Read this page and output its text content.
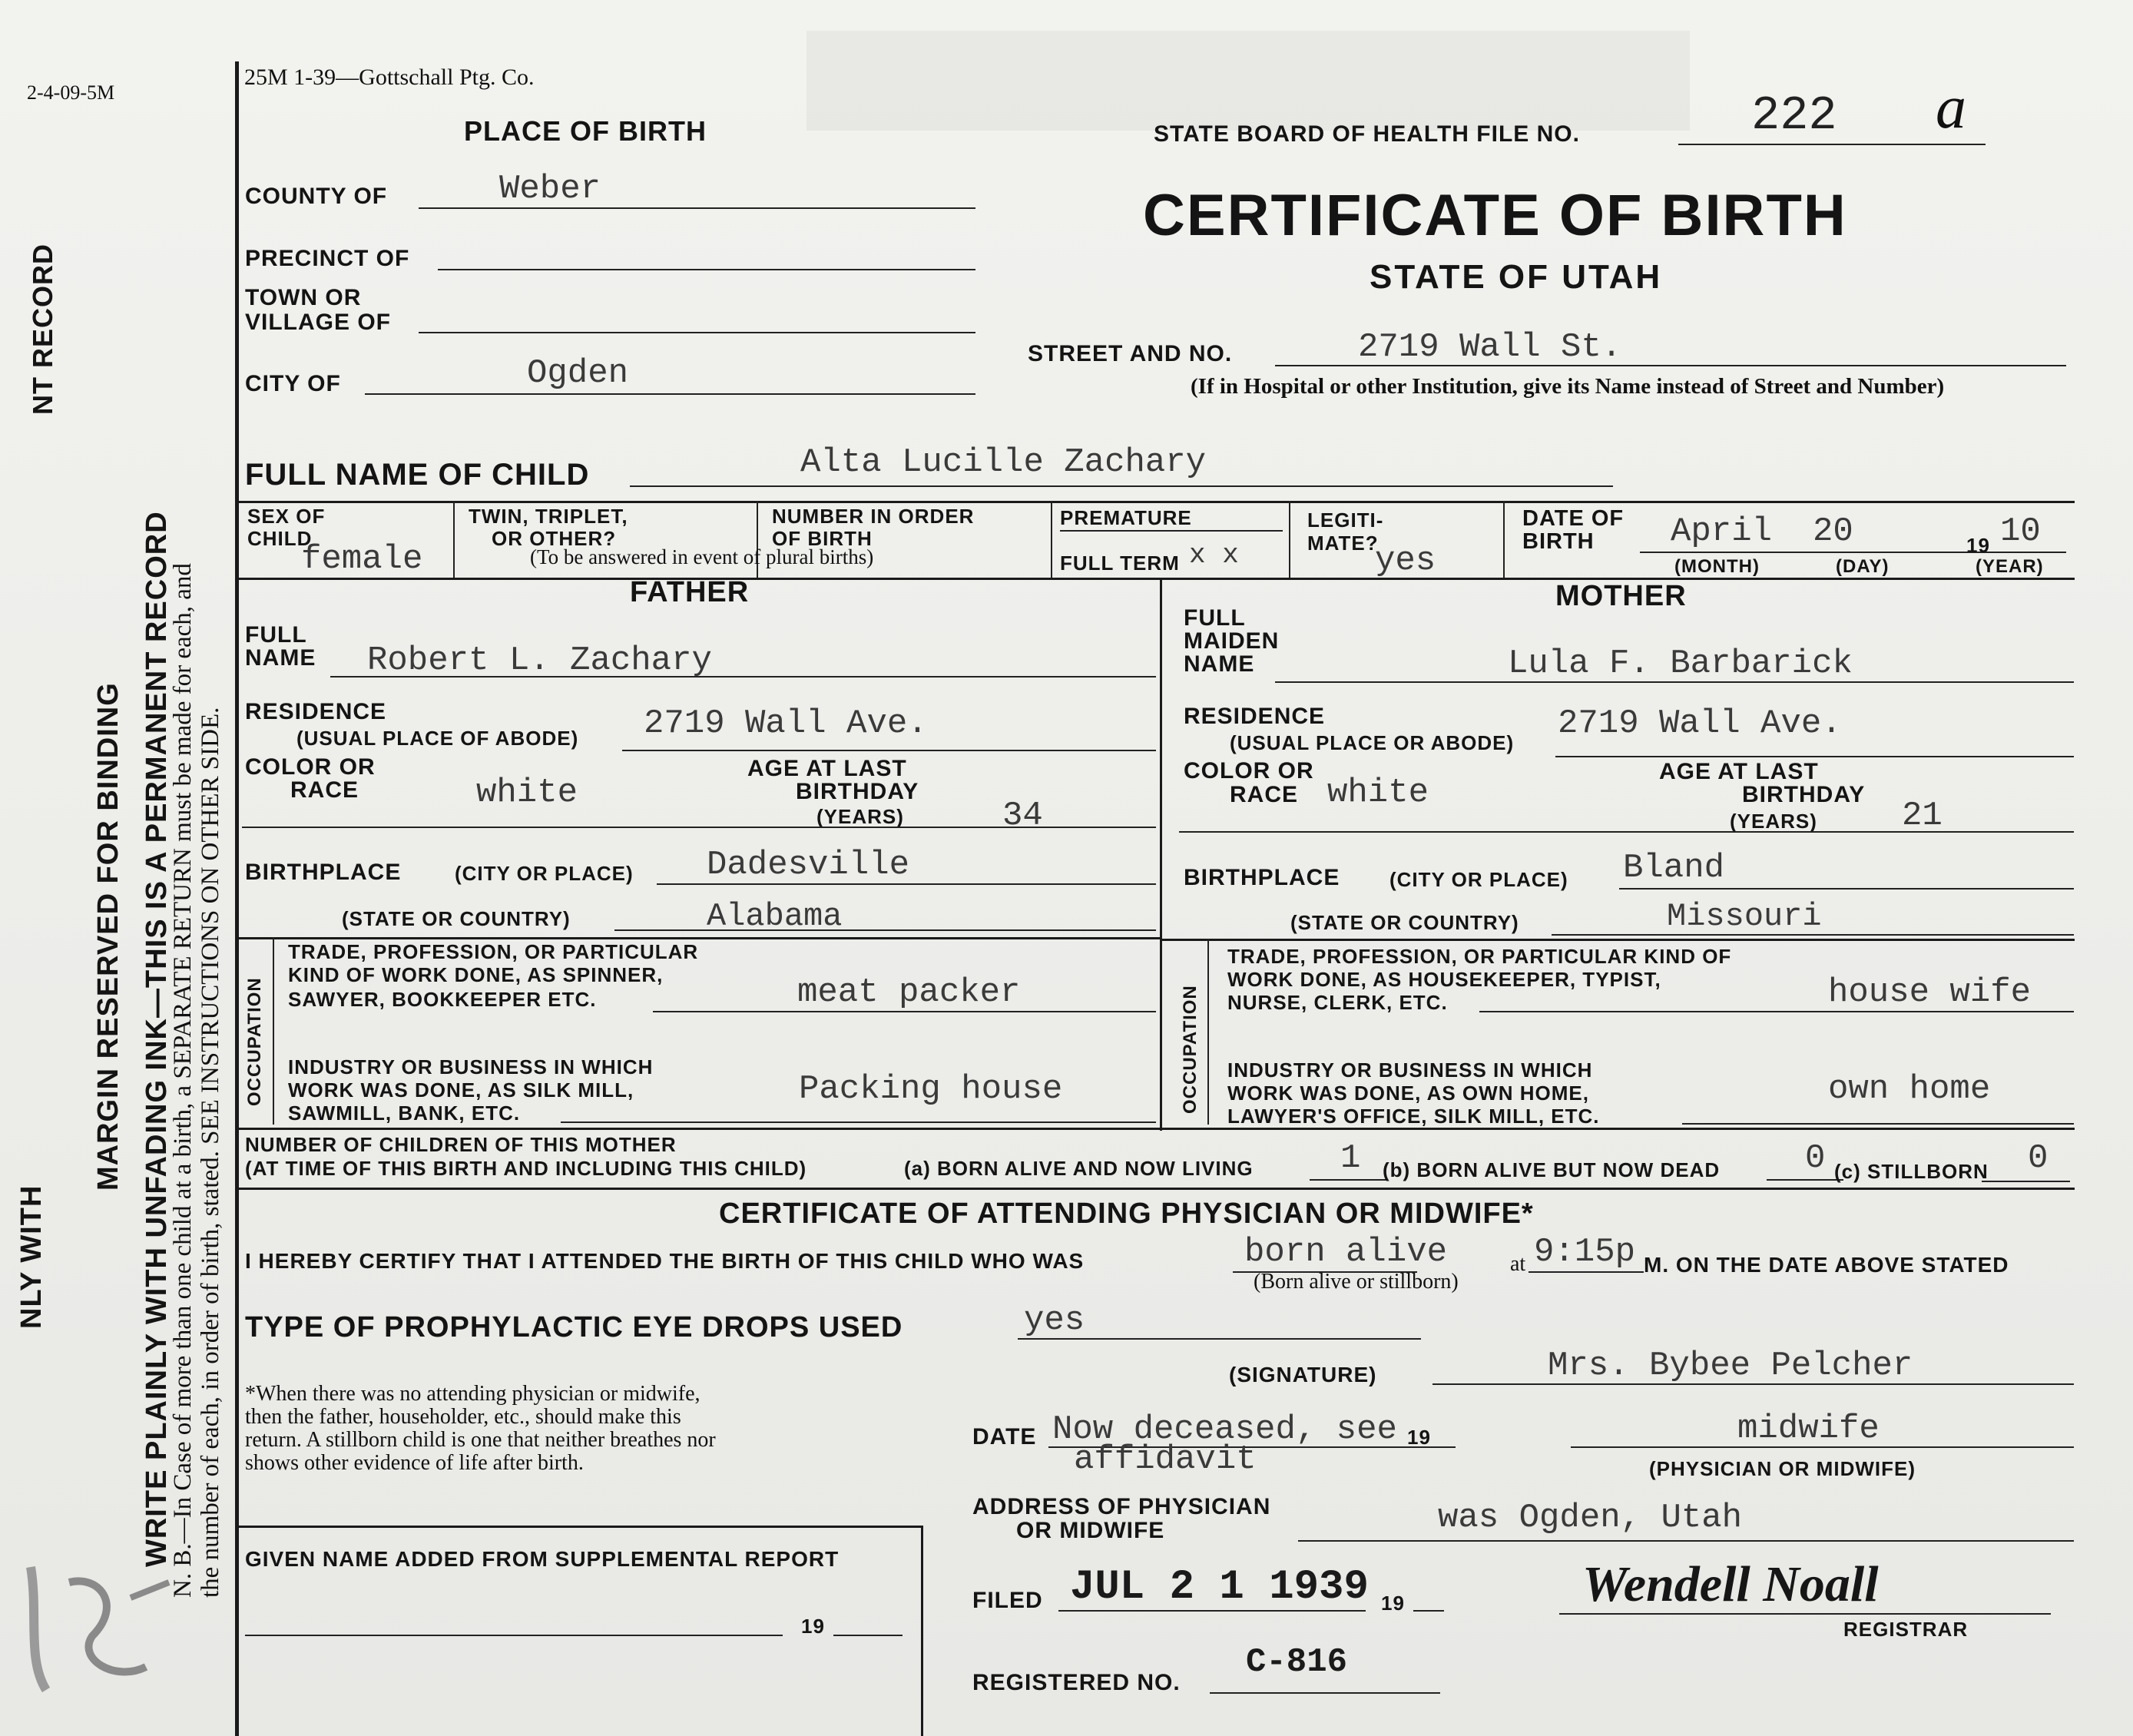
2-4-09-5M
MARGIN RESERVED FOR BINDING WRITE PLAINLY WITH UNFADING INK—THIS IS A PERMANENT RECORD
N. B.—In Case of more than one child at a birth, a SEPARATE RETURN must be made for each, and the number of each, in order of birth, stated. SEE INSTRUCTIONS ON OTHER SIDE.
NT RECORD
NLY WITH
25M 1-39—Gottschall Ptg. Co.
PLACE OF BIRTH	STATE BOARD OF HEALTH FILE NO.	222 a
CERTIFICATE OF BIRTH
STATE OF UTAH
COUNTY OF	Weber
PRECINCT OF
TOWN OR
VILLAGE OF
CITY OF	Ogden
STREET AND NO.	2719 Wall St.
(If in Hospital or other Institution, give its Name instead of Street and Number)
FULL NAME OF CHILD	Alta Lucille Zachary
SEX OF
CHILD
female
TWIN, TRIPLET,
OR OTHER?
(To be answered in event of plural births)
NUMBER IN ORDER
OF BIRTH
PREMATURE
FULL TERM x x
LEGITI-
MATE?
yes
DATE OF
BIRTH April 20	19 10
(MONTH)	(DAY)	(YEAR)
FATHER
FULL
NAME Robert L. Zachary
RESIDENCE
(USUAL PLACE OF ABODE) 2719 Wall Ave.
COLOR OR
RACE	white
AGE AT LAST
BIRTHDAY
(YEARS)	34
BIRTHPLACE	(CITY OR PLACE) Dadesville
(STATE OR COUNTRY)	Alabama
OCCUPATION
TRADE, PROFESSION, OR PARTICULAR
KIND OF WORK DONE, AS SPINNER,
SAWYER, BOOKKEEPER ETC.	meat packer
INDUSTRY OR BUSINESS IN WHICH
WORK WAS DONE, AS SILK MILL,
SAWMILL, BANK, ETC.
Packing house
MOTHER
FULL
MAIDEN
NAME	Lula F. Barbarick
RESIDENCE
(USUAL PLACE OR ABODE) 2719 Wall Ave.
COLOR OR
RACE white
AGE AT LAST
BIRTHDAY
(YEARS)	21
BIRTHPLACE (CITY OR PLACE) Bland
(STATE OR COUNTRY)	Missouri
OCCUPATION
TRADE, PROFESSION, OR PARTICULAR KIND OF
WORK DONE, AS HOUSEKEEPER, TYPIST,
NURSE, CLERK, ETC.	house wife
INDUSTRY OR BUSINESS IN WHICH
WORK WAS DONE, AS OWN HOME,
LAWYER'S OFFICE, SILK MILL, ETC.
own home
NUMBER OF CHILDREN OF THIS MOTHER
(AT TIME OF THIS BIRTH AND INCLUDING THIS CHILD)	(a) BORN ALIVE AND NOW LIVING	1 (b) BORN ALIVE BUT NOW DEAD	0 (c) STILLBORN 0
CERTIFICATE OF ATTENDING PHYSICIAN OR MIDWIFE*
I HEREBY CERTIFY THAT I ATTENDED THE BIRTH OF THIS CHILD WHO WAS	born alive
(Born alive or stillborn)
at 9:15p M. ON THE DATE ABOVE STATED
TYPE OF PROPHYLACTIC EYE DROPS USED	yes
(SIGNATURE)	Mrs. Bybee Pelcher
*When there was no attending physician or midwife,
then the father, householder, etc., should make this
return. A stillborn child is one that neither breathes nor
shows other evidence of life after birth.
DATE Now deceased, see
affidavit
19	midwife
(PHYSICIAN OR MIDWIFE)
ADDRESS OF PHYSICIAN
OR MIDWIFE	was Ogden, Utah
GIVEN NAME ADDED FROM SUPPLEMENTAL REPORT
19
FILED JUL 2 1 1939 19	Wendell Noall
REGISTRAR
REGISTERED NO.
C-816
